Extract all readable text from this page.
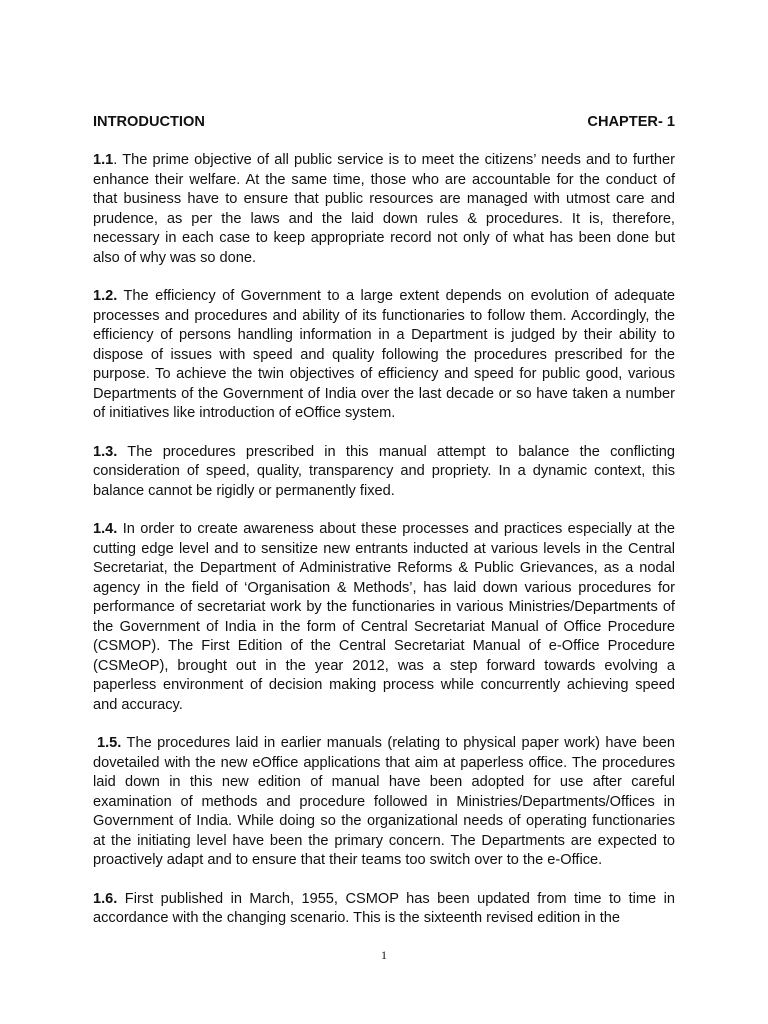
INTRODUCTION	CHAPTER- 1

1.1. The prime objective of all public service is to meet the citizens’ needs and to further enhance their welfare. At the same time, those who are accountable for the conduct of that business have to ensure that public resources are managed with utmost care and prudence, as per the laws and the laid down rules & procedures. It is, therefore, necessary in each case to keep appropriate record not only of what has been done but also of why was so done.

1.2. The efficiency of Government to a large extent depends on evolution of adequate processes and procedures and ability of its functionaries to follow them. Accordingly, the efficiency of persons handling information in a Department is judged by their ability to dispose of issues with speed and quality following the procedures prescribed for the purpose. To achieve the twin objectives of efficiency and speed for public good, various Departments of the Government of India over the last decade or so have taken a number of initiatives like introduction of eOffice system.

1.3. The procedures prescribed in this manual attempt to balance the conflicting consideration of speed, quality, transparency and propriety. In a dynamic context, this balance cannot be rigidly or permanently fixed.

1.4. In order to create awareness about these processes and practices especially at the cutting edge level and to sensitize new entrants inducted at various levels in the Central Secretariat, the Department of Administrative Reforms & Public Grievances, as a nodal agency in the field of ‘Organisation & Methods’, has laid down various procedures for performance of secretariat work by the functionaries in various Ministries/Departments of the Government of India in the form of Central Secretariat Manual of Office Procedure (CSMOP). The First Edition of the Central Secretariat Manual of e-Office Procedure (CSMeOP), brought out in the year 2012, was a step forward towards evolving a paperless environment of decision making process while concurrently achieving speed and accuracy.

1.5. The procedures laid in earlier manuals (relating to physical paper work) have been dovetailed with the new eOffice applications that aim at paperless office. The procedures laid down in this new edition of manual have been adopted for use after careful examination of methods and procedure followed in Ministries/Departments/Offices in Government of India. While doing so the organizational needs of operating functionaries at the initiating level have been the primary concern. The Departments are expected to proactively adapt and to ensure that their teams too switch over to the e-Office.

1.6. First published in March, 1955, CSMOP has been updated from time to time in accordance with the changing scenario. This is the sixteenth revised edition in the

1
